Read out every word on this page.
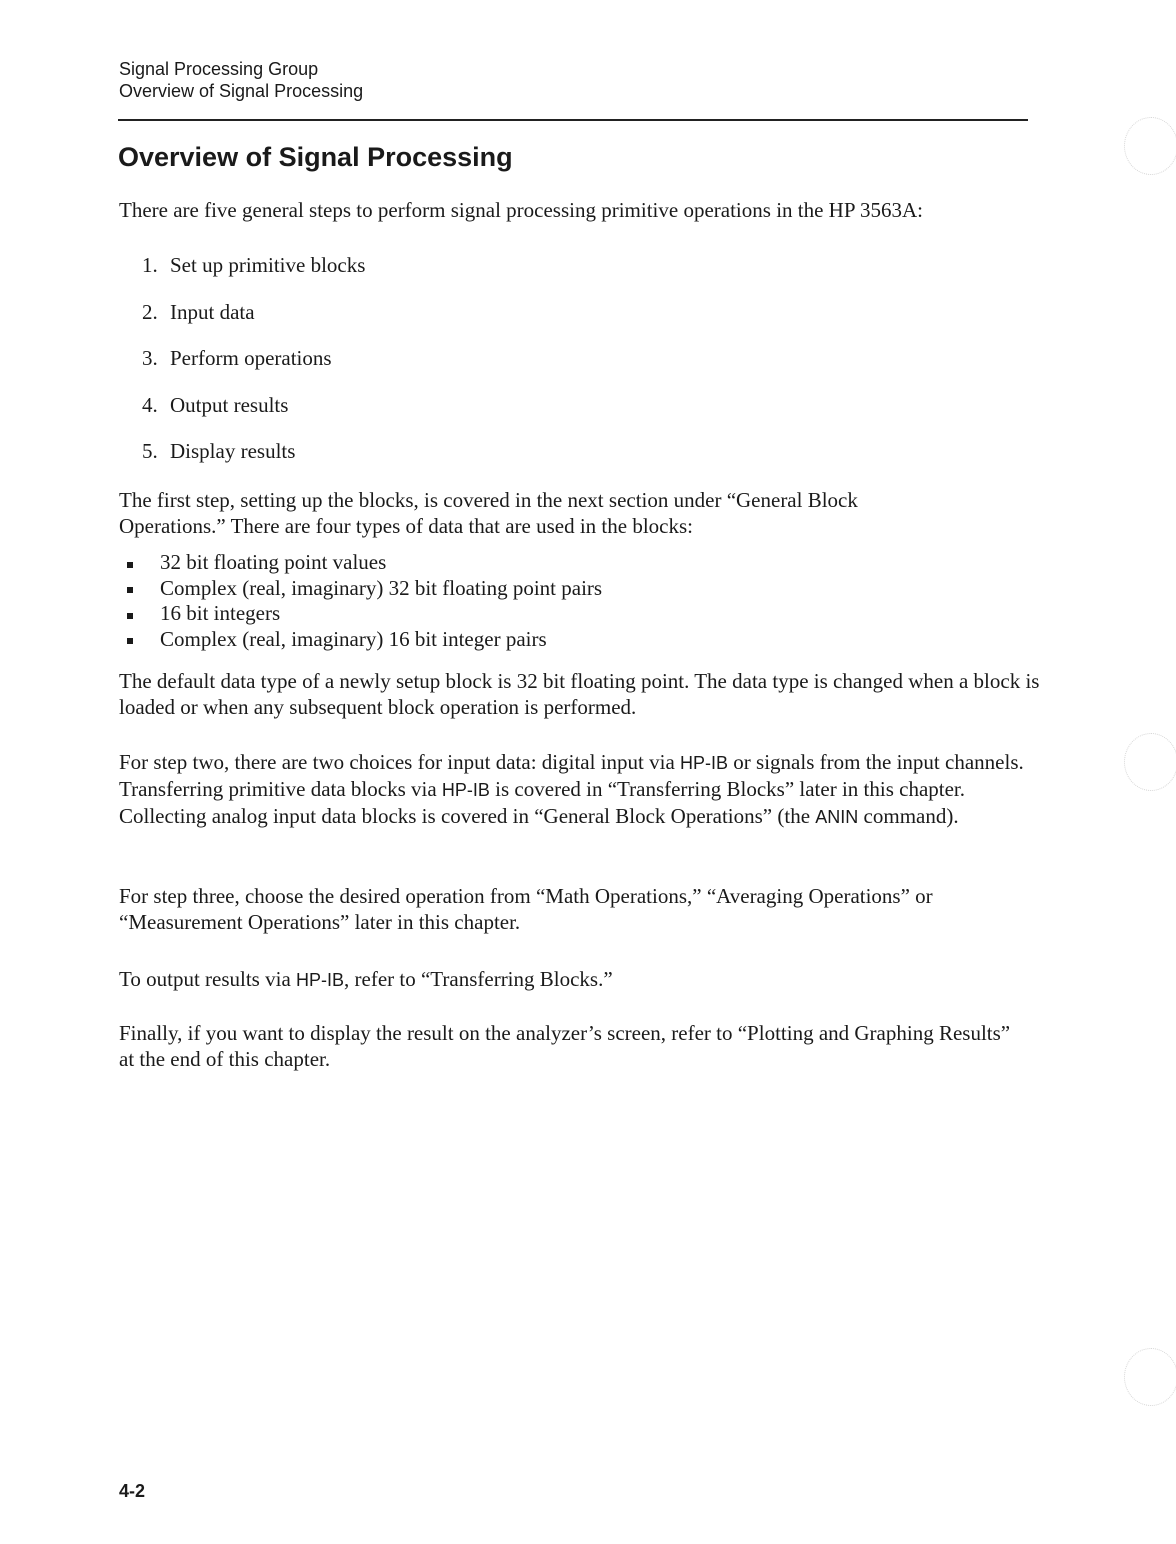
Signal Processing Group
Overview of Signal Processing
Overview of Signal Processing

There are five general steps to perform signal processing primitive operations in the HP 3563A:

1. Set up primitive blocks
2. Input data
3. Perform operations
4. Output results
5. Display results

The first step, setting up the blocks, is covered in the next section under “General Block Operations.” There are four types of data that are used in the blocks:

32 bit floating point values
Complex (real, imaginary) 32 bit floating point pairs
16 bit integers
Complex (real, imaginary) 16 bit integer pairs

The default data type of a newly setup block is 32 bit floating point. The data type is changed when a block is loaded or when any subsequent block operation is performed.

For step two, there are two choices for input data: digital input via HP-IB or signals from the input channels. Transferring primitive data blocks via HP-IB is covered in “Transferring Blocks” later in this chapter. Collecting analog input data blocks is covered in “General Block Operations” (the ANIN command).

For step three, choose the desired operation from “Math Operations,” “Averaging Operations” or “Measurement Operations” later in this chapter.

To output results via HP-IB, refer to “Transferring Blocks.”

Finally, if you want to display the result on the analyzer’s screen, refer to “Plotting and Graphing Results” at the end of this chapter.

4-2
